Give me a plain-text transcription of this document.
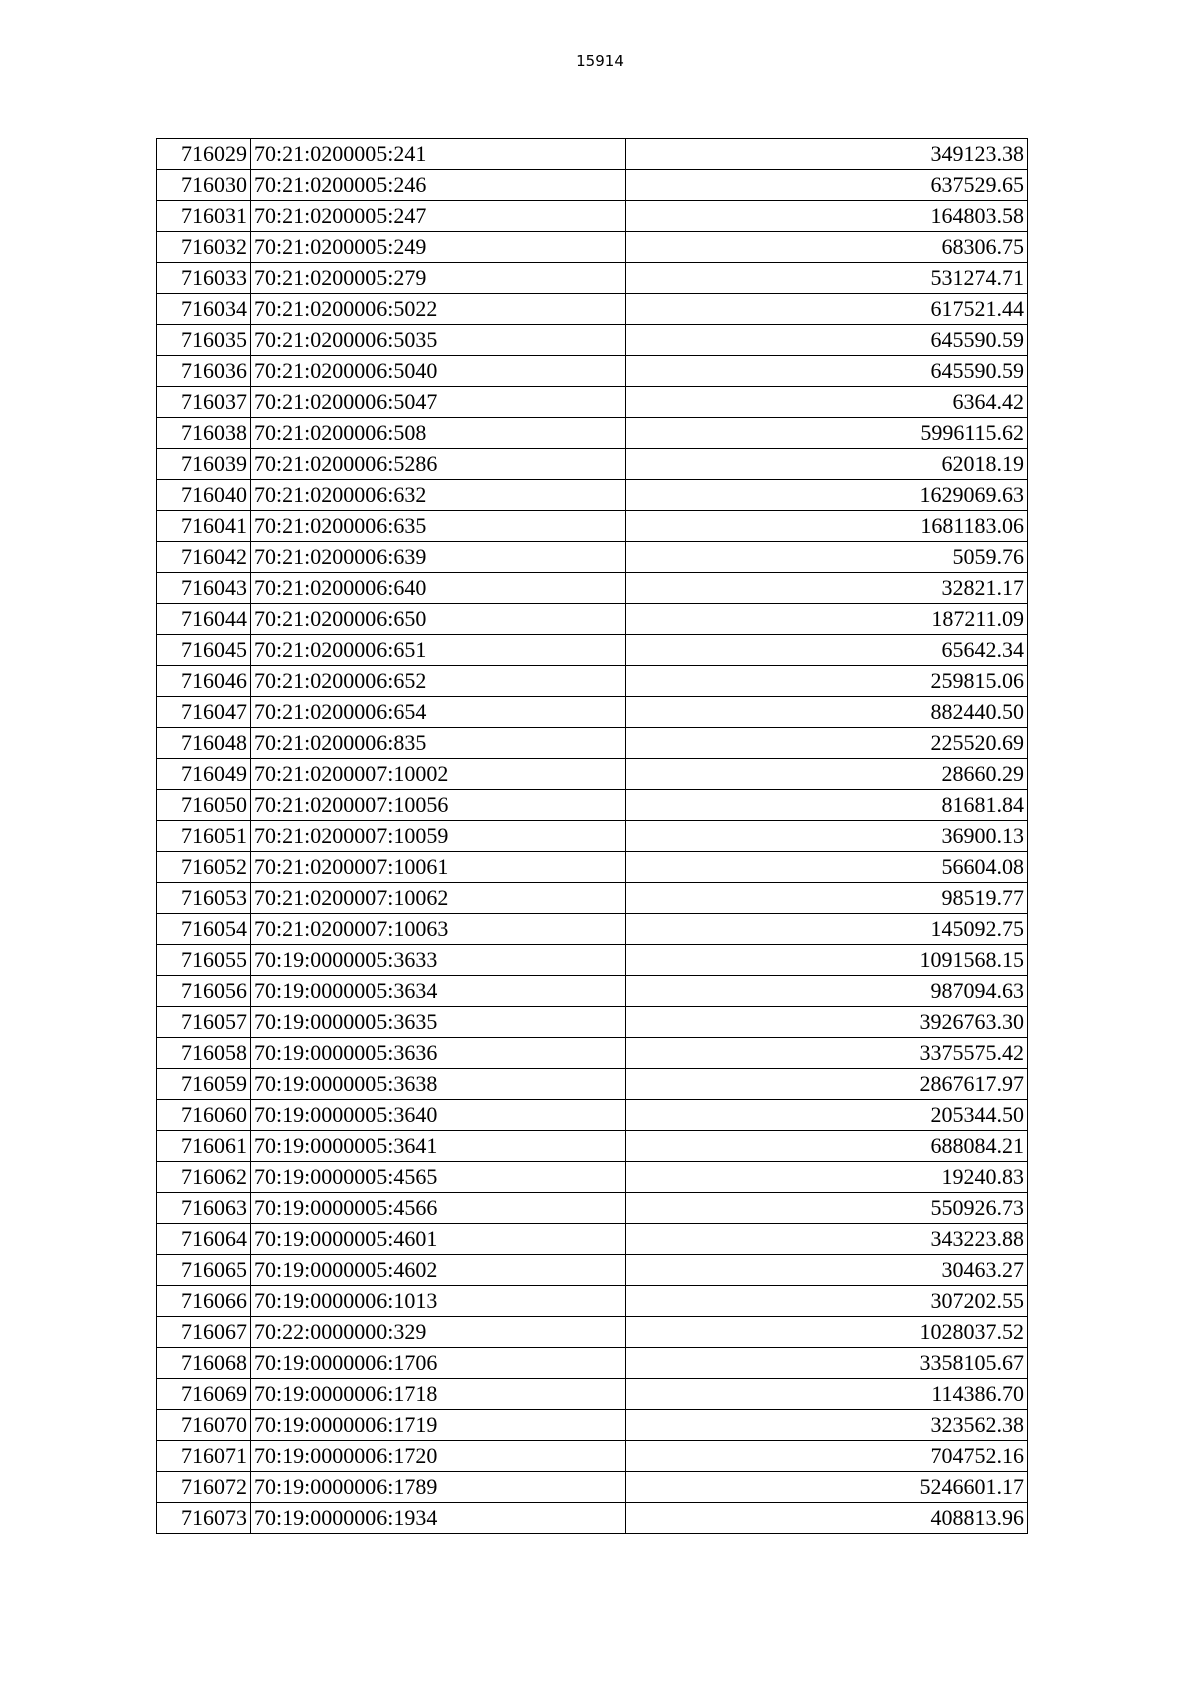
15914
716029	70:21:0200005:241	349123.38
716030	70:21:0200005:246	637529.65
716031	70:21:0200005:247	164803.58
716032	70:21:0200005:249	68306.75
716033	70:21:0200005:279	531274.71
716034	70:21:0200006:5022	617521.44
716035	70:21:0200006:5035	645590.59
716036	70:21:0200006:5040	645590.59
716037	70:21:0200006:5047	6364.42
716038	70:21:0200006:508	5996115.62
716039	70:21:0200006:5286	62018.19
716040	70:21:0200006:632	1629069.63
716041	70:21:0200006:635	1681183.06
716042	70:21:0200006:639	5059.76
716043	70:21:0200006:640	32821.17
716044	70:21:0200006:650	187211.09
716045	70:21:0200006:651	65642.34
716046	70:21:0200006:652	259815.06
716047	70:21:0200006:654	882440.50
716048	70:21:0200006:835	225520.69
716049	70:21:0200007:10002	28660.29
716050	70:21:0200007:10056	81681.84
716051	70:21:0200007:10059	36900.13
716052	70:21:0200007:10061	56604.08
716053	70:21:0200007:10062	98519.77
716054	70:21:0200007:10063	145092.75
716055	70:19:0000005:3633	1091568.15
716056	70:19:0000005:3634	987094.63
716057	70:19:0000005:3635	3926763.30
716058	70:19:0000005:3636	3375575.42
716059	70:19:0000005:3638	2867617.97
716060	70:19:0000005:3640	205344.50
716061	70:19:0000005:3641	688084.21
716062	70:19:0000005:4565	19240.83
716063	70:19:0000005:4566	550926.73
716064	70:19:0000005:4601	343223.88
716065	70:19:0000005:4602	30463.27
716066	70:19:0000006:1013	307202.55
716067	70:22:0000000:329	1028037.52
716068	70:19:0000006:1706	3358105.67
716069	70:19:0000006:1718	114386.70
716070	70:19:0000006:1719	323562.38
716071	70:19:0000006:1720	704752.16
716072	70:19:0000006:1789	5246601.17
716073	70:19:0000006:1934	408813.96
